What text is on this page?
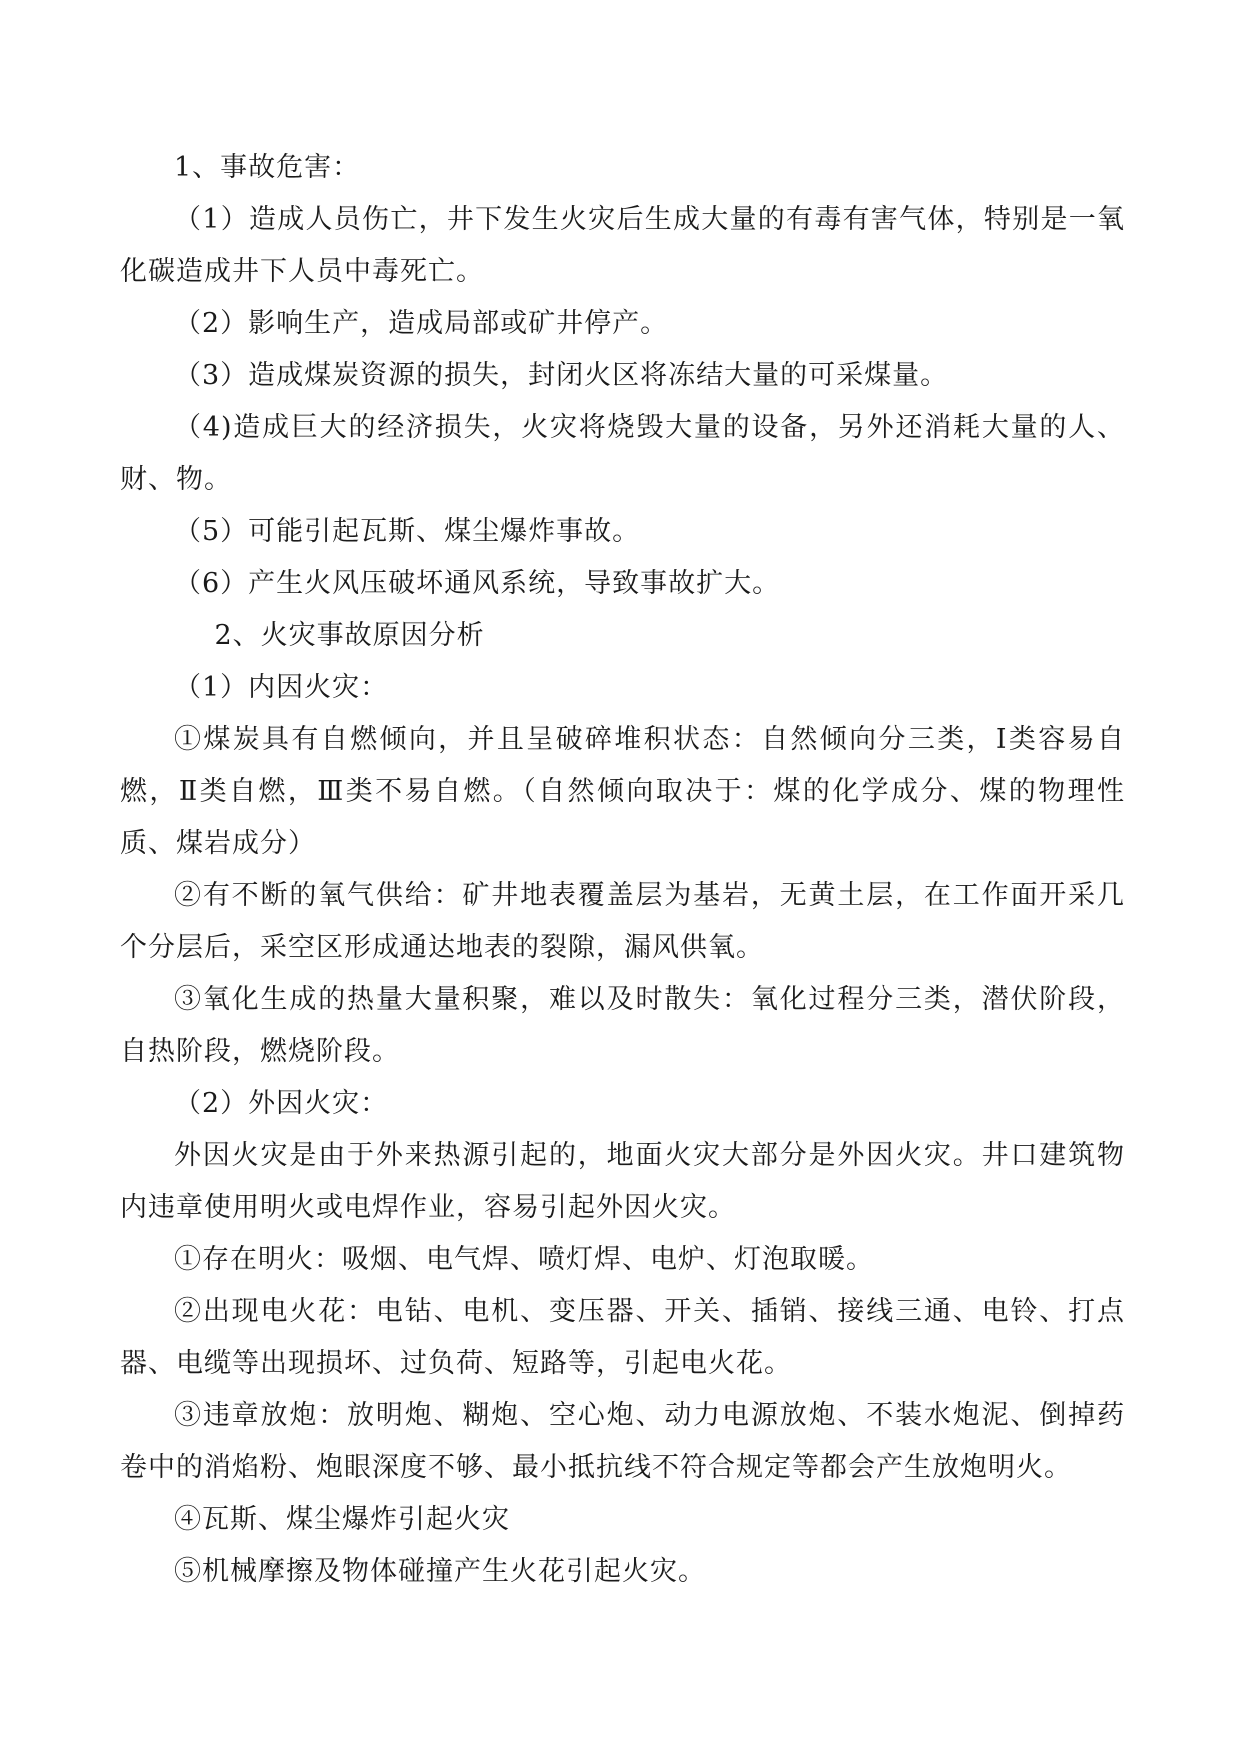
1、事故危害：

（1）造成人员伤亡，井下发生火灾后生成大量的有毒有害气体，特别是一氧化碳造成井下人员中毒死亡。

（2）影响生产，造成局部或矿井停产。

（3）造成煤炭资源的损失，封闭火区将冻结大量的可采煤量。

（4)造成巨大的经济损失，火灾将烧毁大量的设备，另外还消耗大量的人、财、物。

（5）可能引起瓦斯、煤尘爆炸事故。

（6）产生火风压破坏通风系统，导致事故扩大。

2、火灾事故原因分析

（1）内因火灾：

①煤炭具有自燃倾向，并且呈破碎堆积状态：自然倾向分三类，Ⅰ类容易自燃，Ⅱ类自燃，Ⅲ类不易自燃。（自然倾向取决于：煤的化学成分、煤的物理性质、煤岩成分）

②有不断的氧气供给：矿井地表覆盖层为基岩，无黄土层，在工作面开采几个分层后，采空区形成通达地表的裂隙，漏风供氧。

③氧化生成的热量大量积聚，难以及时散失：氧化过程分三类，潜伏阶段，自热阶段，燃烧阶段。

（2）外因火灾：

外因火灾是由于外来热源引起的，地面火灾大部分是外因火灾。井口建筑物内违章使用明火或电焊作业，容易引起外因火灾。

①存在明火：吸烟、电气焊、喷灯焊、电炉、灯泡取暖。

②出现电火花：电钻、电机、变压器、开关、插销、接线三通、电铃、打点器、电缆等出现损坏、过负荷、短路等，引起电火花。

③违章放炮：放明炮、糊炮、空心炮、动力电源放炮、不装水炮泥、倒掉药卷中的消焰粉、炮眼深度不够、最小抵抗线不符合规定等都会产生放炮明火。

④瓦斯、煤尘爆炸引起火灾

⑤机械摩擦及物体碰撞产生火花引起火灾。
